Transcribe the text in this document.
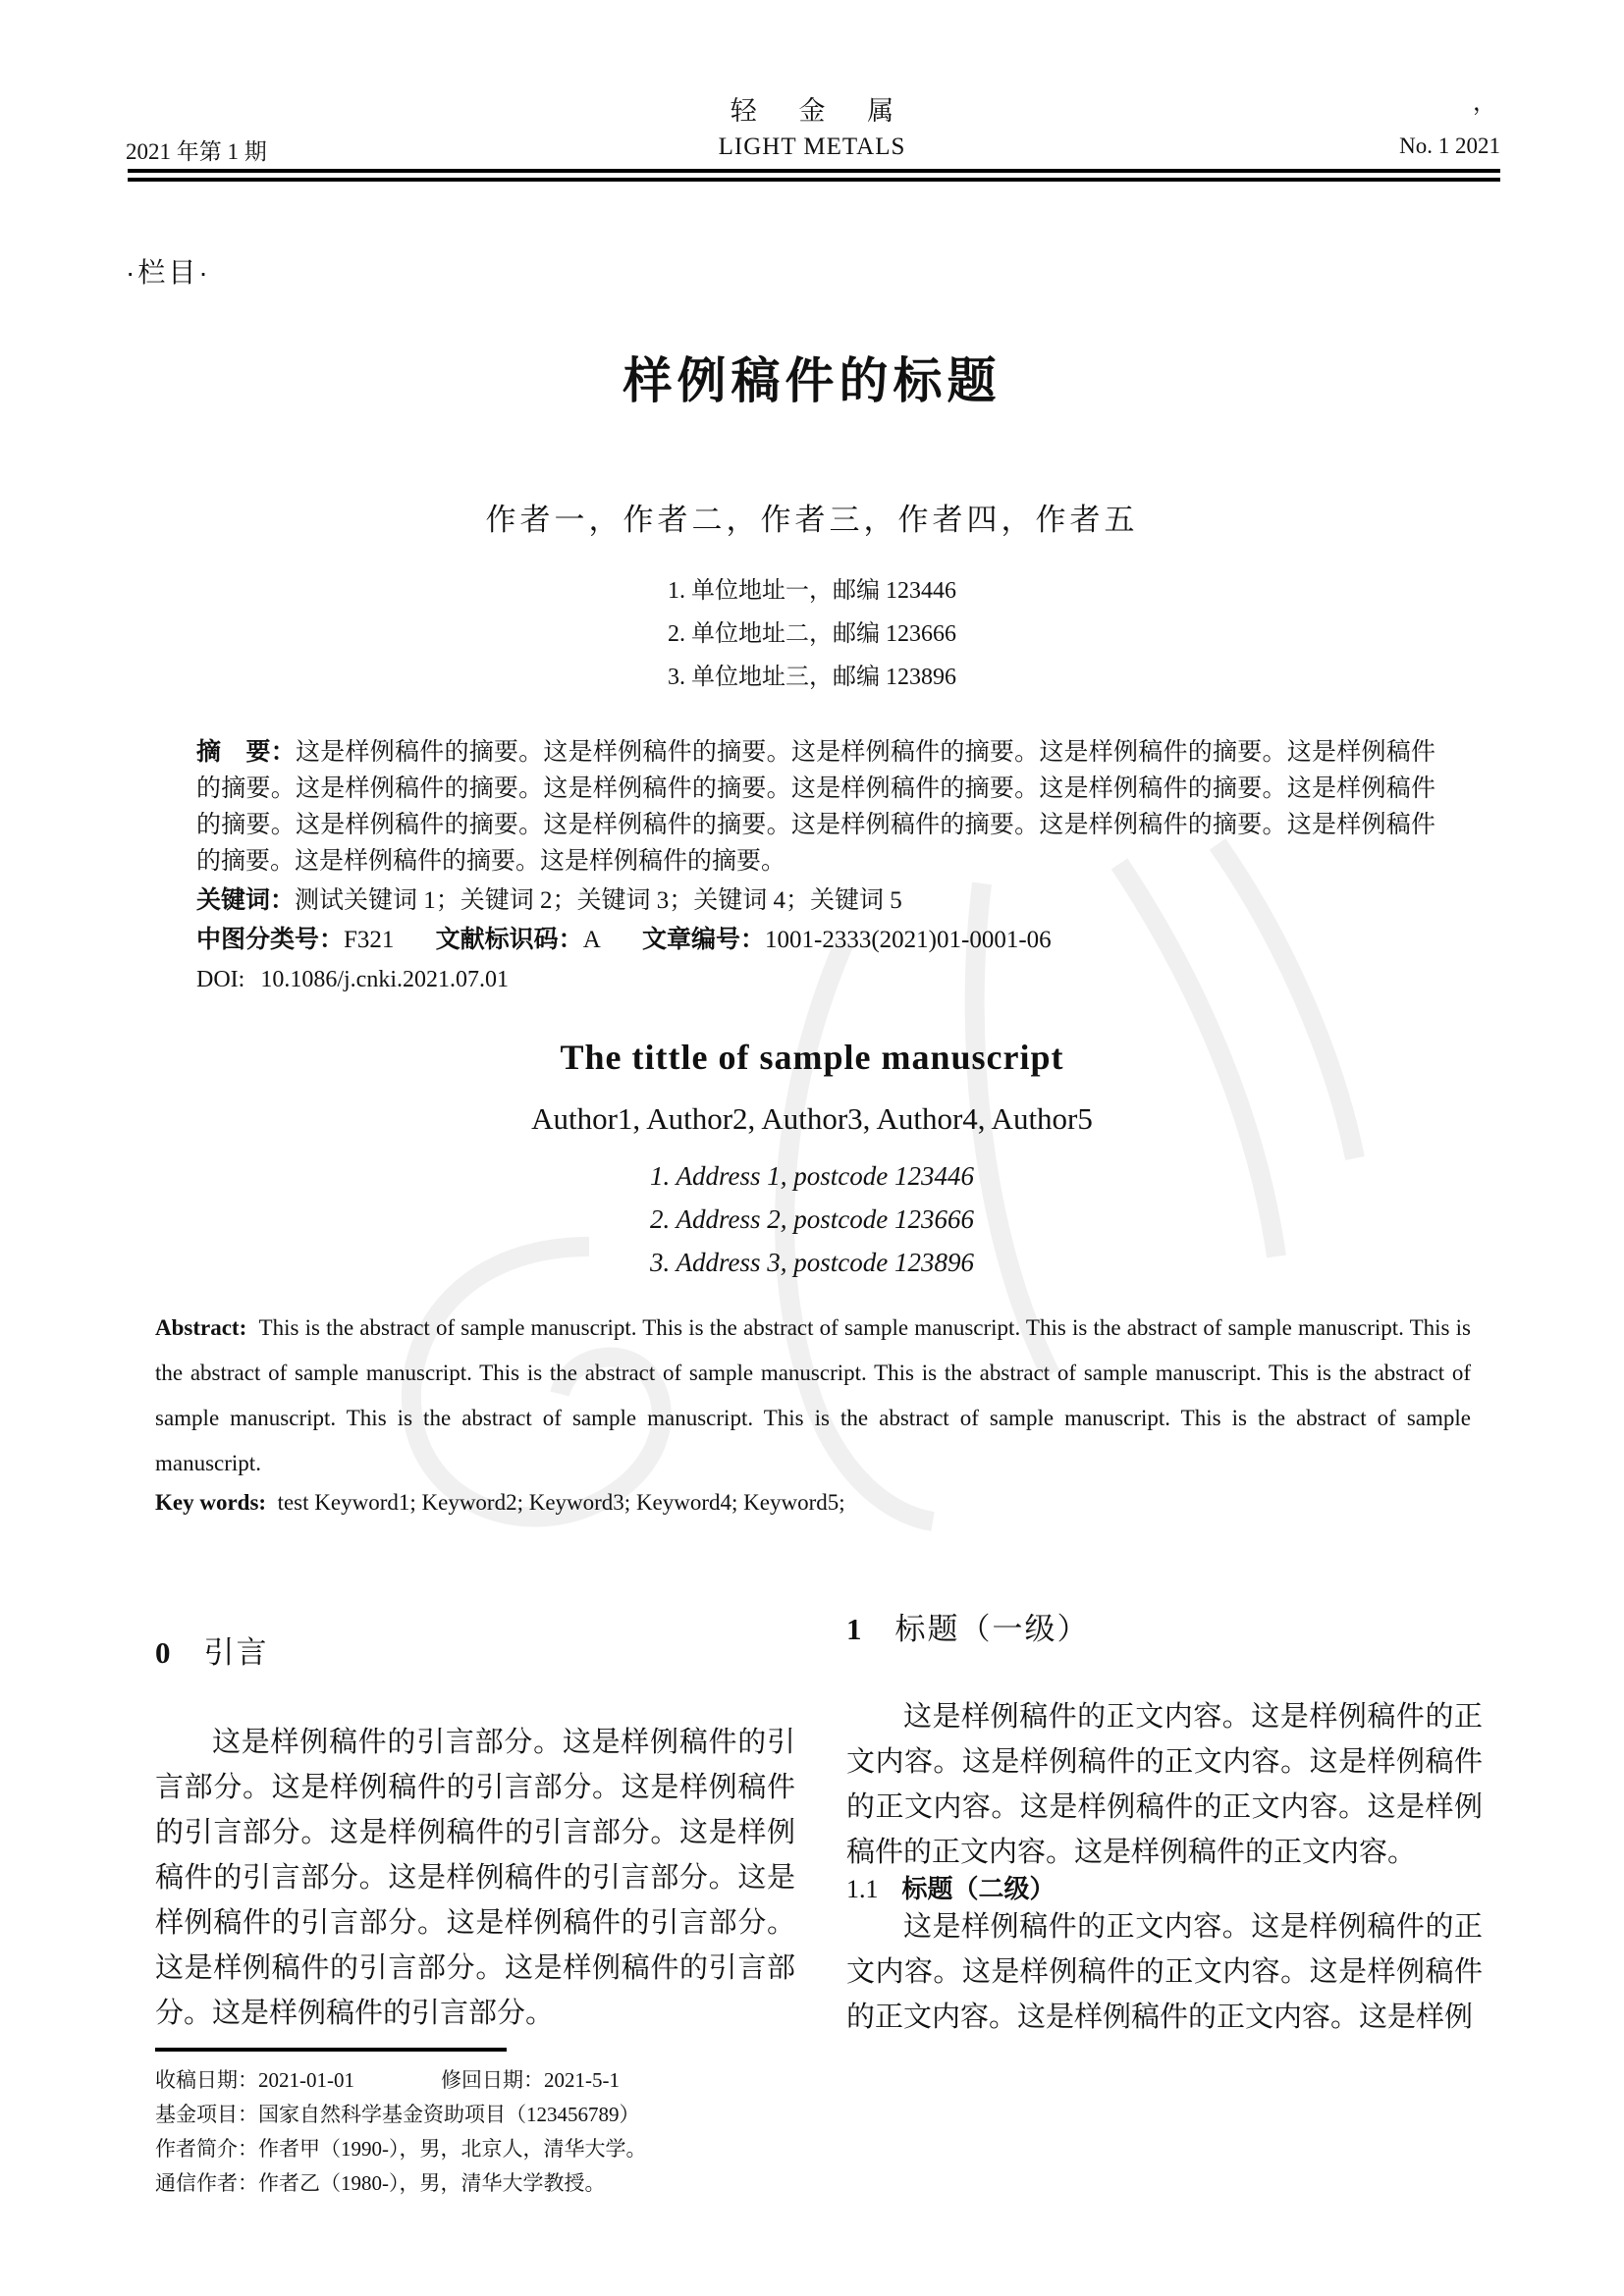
2021 年第 1 期
轻 金 属
LIGHT METALS
，
No. 1 2021
·栏目·
样例稿件的标题
作者一，作者二，作者三，作者四，作者五
1. 单位地址一，邮编 123446
2. 单位地址二，邮编 123666
3. 单位地址三，邮编 123896
摘　要：这是样例稿件的摘要。这是样例稿件的摘要。这是样例稿件的摘要。这是样例稿件的摘要。这是样例稿件的摘要。这是样例稿件的摘要。这是样例稿件的摘要。这是样例稿件的摘要。这是样例稿件的摘要。这是样例稿件的摘要。这是样例稿件的摘要。这是样例稿件的摘要。这是样例稿件的摘要。这是样例稿件的摘要。这是样例稿件的摘要。这是样例稿件的摘要。这是样例稿件的摘要。
关键词：测试关键词 1；关键词 2；关键词 3；关键词 4；关键词 5
中图分类号：F321 文献标识码：A 文章编号：1001-2333(2021)01-0001-06
DOI: 10.1086/j.cnki.2021.07.01
The tittle of sample manuscript
Author1, Author2, Author3, Author4, Author5
1. Address 1, postcode 123446
2. Address 2, postcode 123666
3. Address 3, postcode 123896
Abstract: This is the abstract of sample manuscript. This is the abstract of sample manuscript. This is the abstract of sample manuscript. This is the abstract of sample manuscript. This is the abstract of sample manuscript. This is the abstract of sample manuscript. This is the abstract of sample manuscript. This is the abstract of sample manuscript. This is the abstract of sample manuscript. This is the abstract of sample manuscript.
Key words: test Keyword1; Keyword2; Keyword3; Keyword4; Keyword5;
0 引言
这是样例稿件的引言部分。这是样例稿件的引言部分。这是样例稿件的引言部分。这是样例稿件的引言部分。这是样例稿件的引言部分。这是样例稿件的引言部分。这是样例稿件的引言部分。这是样例稿件的引言部分。这是样例稿件的引言部分。这是样例稿件的引言部分。这是样例稿件的引言部分。这是样例稿件的引言部分。
1 标题（一级）
这是样例稿件的正文内容。这是样例稿件的正文内容。这是样例稿件的正文内容。这是样例稿件的正文内容。这是样例稿件的正文内容。这是样例稿件的正文内容。这是样例稿件的正文内容。
1.1 标题（二级）
这是样例稿件的正文内容。这是样例稿件的正文内容。这是样例稿件的正文内容。这是样例稿件的正文内容。这是样例稿件的正文内容。这是样例
收稿日期：2021-01-01	修回日期：2021-5-1
基金项目：国家自然科学基金资助项目（123456789）
作者简介：作者甲（1990-），男，北京人，清华大学。
通信作者：作者乙（1980-），男，清华大学教授。
